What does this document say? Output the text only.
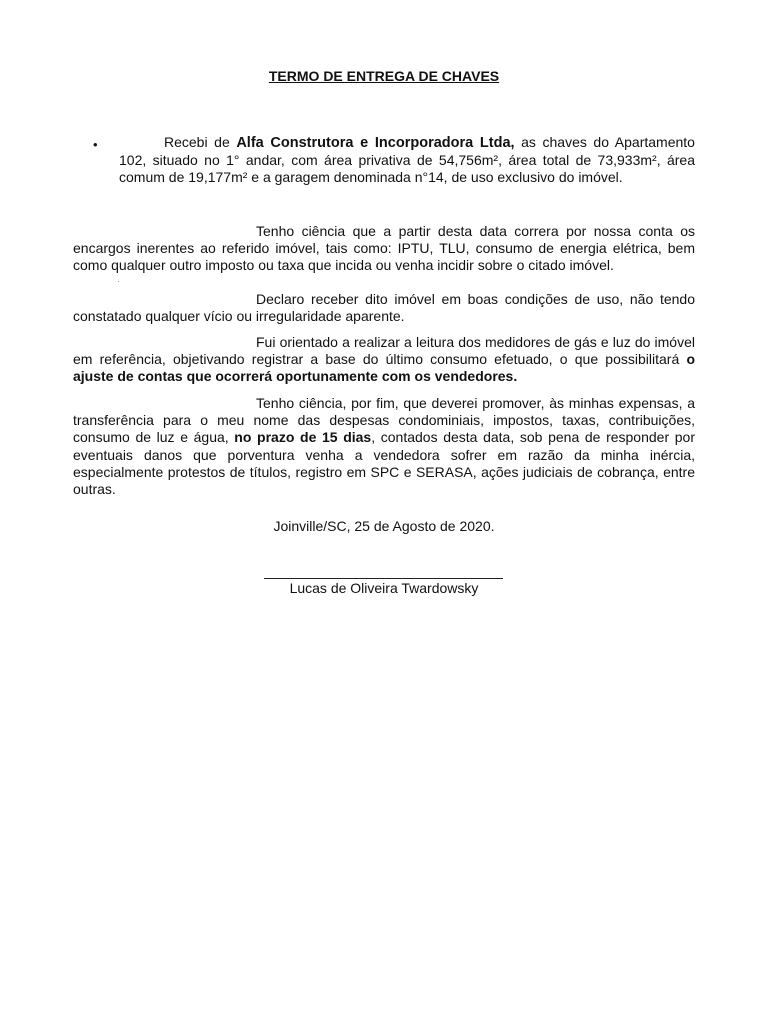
TERMO DE ENTREGA DE CHAVES
•	Recebi de Alfa Construtora e Incorporadora Ltda, as chaves do Apartamento 102, situado no 1° andar, com área privativa de 54,756m², área total de 73,933m², área comum de 19,177m² e a garagem denominada n°14, de uso exclusivo do imóvel.
Tenho ciência que a partir desta data correra por nossa conta os encargos inerentes ao referido imóvel, tais como: IPTU, TLU, consumo de energia elétrica, bem como qualquer outro imposto ou taxa que incida ou venha incidir sobre o citado imóvel.
Declaro receber dito imóvel em boas condições de uso, não tendo constatado qualquer vício ou irregularidade aparente.
Fui orientado a realizar a leitura dos medidores de gás e luz do imóvel em referência, objetivando registrar a base do último consumo efetuado, o que possibilitará o ajuste de contas que ocorrerá oportunamente com os vendedores.
Tenho ciência, por fim, que deverei promover, às minhas expensas, a transferência para o meu nome das despesas condominiais, impostos, taxas, contribuições, consumo de luz e água, no prazo de 15 dias, contados desta data, sob pena de responder por eventuais danos que porventura venha a vendedora sofrer em razão da minha inércia, especialmente protestos de títulos, registro em SPC e SERASA, ações judiciais de cobrança, entre outras.
Joinville/SC, 25 de Agosto de 2020.
Lucas de Oliveira Twardowsky
